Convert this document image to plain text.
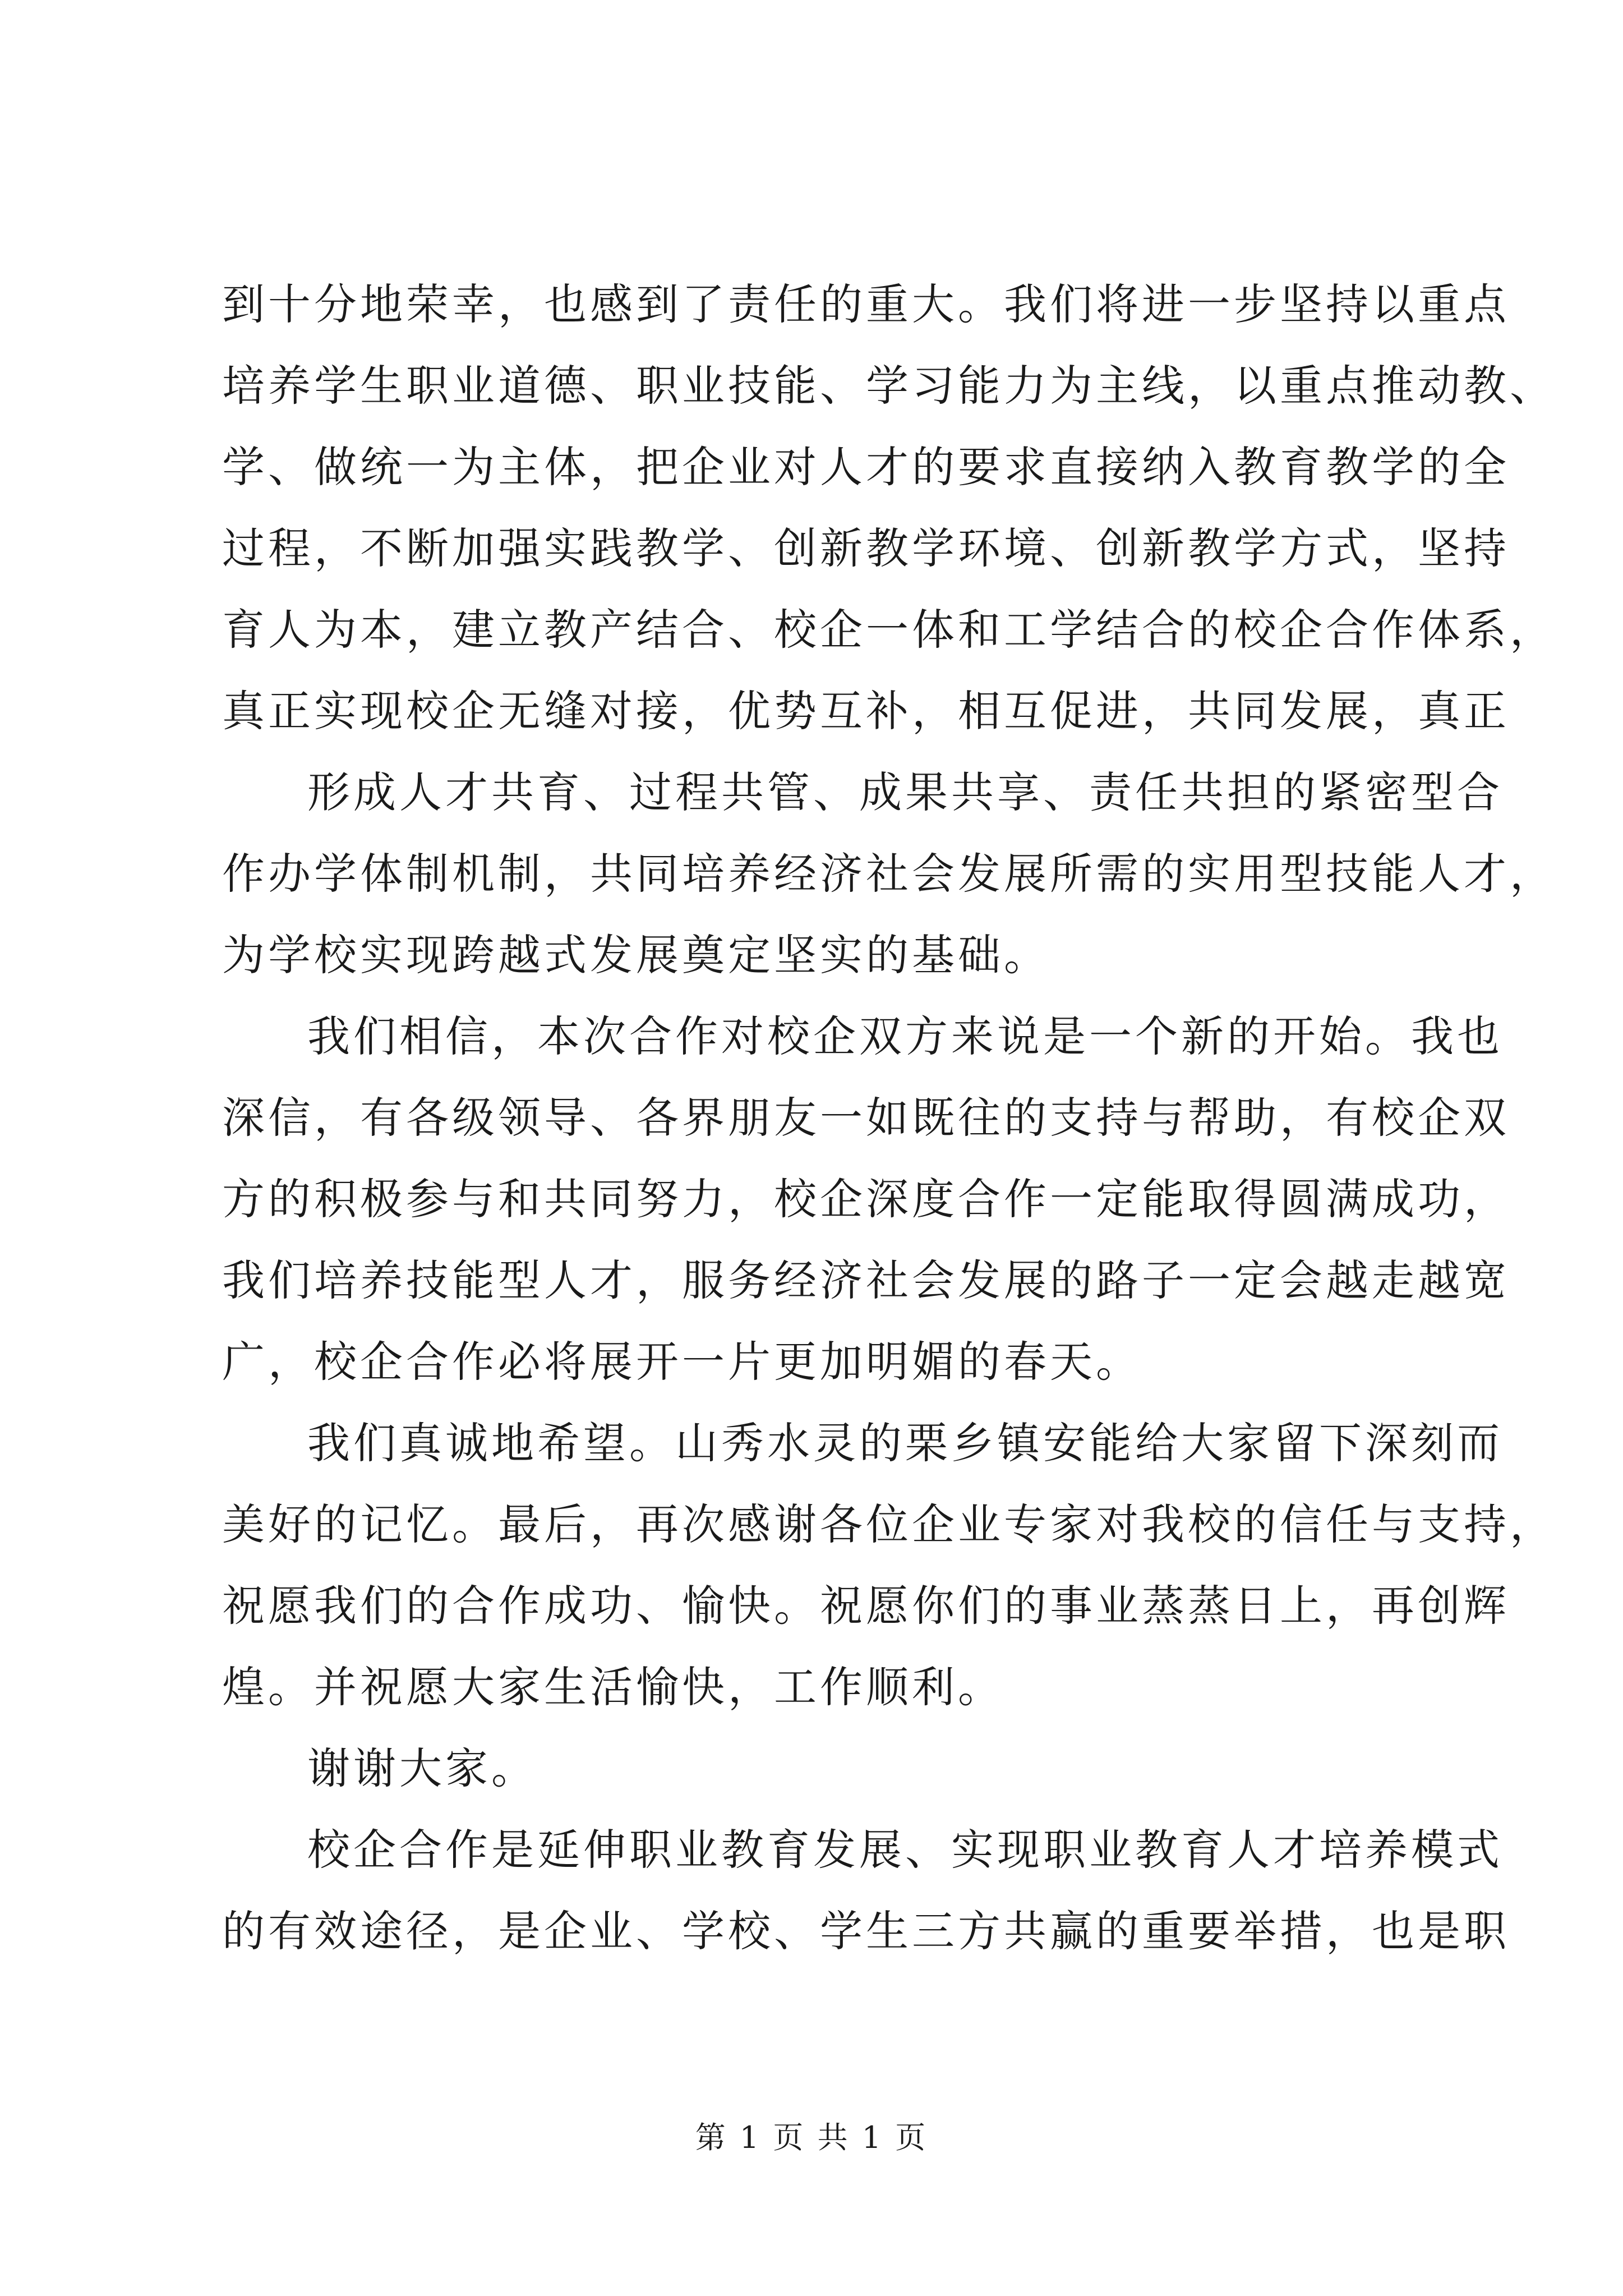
到十分地荣幸，也感到了责任的重大。我们将进一步坚持以重点
培养学生职业道德、职业技能、学习能力为主线，以重点推动教、
学、做统一为主体，把企业对人才的要求直接纳入教育教学的全
过程，不断加强实践教学、创新教学环境、创新教学方式，坚持
育人为本，建立教产结合、校企一体和工学结合的校企合作体系，
真正实现校企无缝对接，优势互补，相互促进，共同发展，真正
形成人才共育、过程共管、成果共享、责任共担的紧密型合
作办学体制机制，共同培养经济社会发展所需的实用型技能人才，
为学校实现跨越式发展奠定坚实的基础。
我们相信，本次合作对校企双方来说是一个新的开始。我也
深信，有各级领导、各界朋友一如既往的支持与帮助，有校企双
方的积极参与和共同努力，校企深度合作一定能取得圆满成功，
我们培养技能型人才，服务经济社会发展的路子一定会越走越宽
广，校企合作必将展开一片更加明媚的春天。
我们真诚地希望。山秀水灵的栗乡镇安能给大家留下深刻而
美好的记忆。最后，再次感谢各位企业专家对我校的信任与支持，
祝愿我们的合作成功、愉快。祝愿你们的事业蒸蒸日上，再创辉
煌。并祝愿大家生活愉快，工作顺利。
谢谢大家。
校企合作是延伸职业教育发展、实现职业教育人才培养模式
的有效途径，是企业、学校、学生三方共赢的重要举措，也是职
第 1 页 共 1 页
